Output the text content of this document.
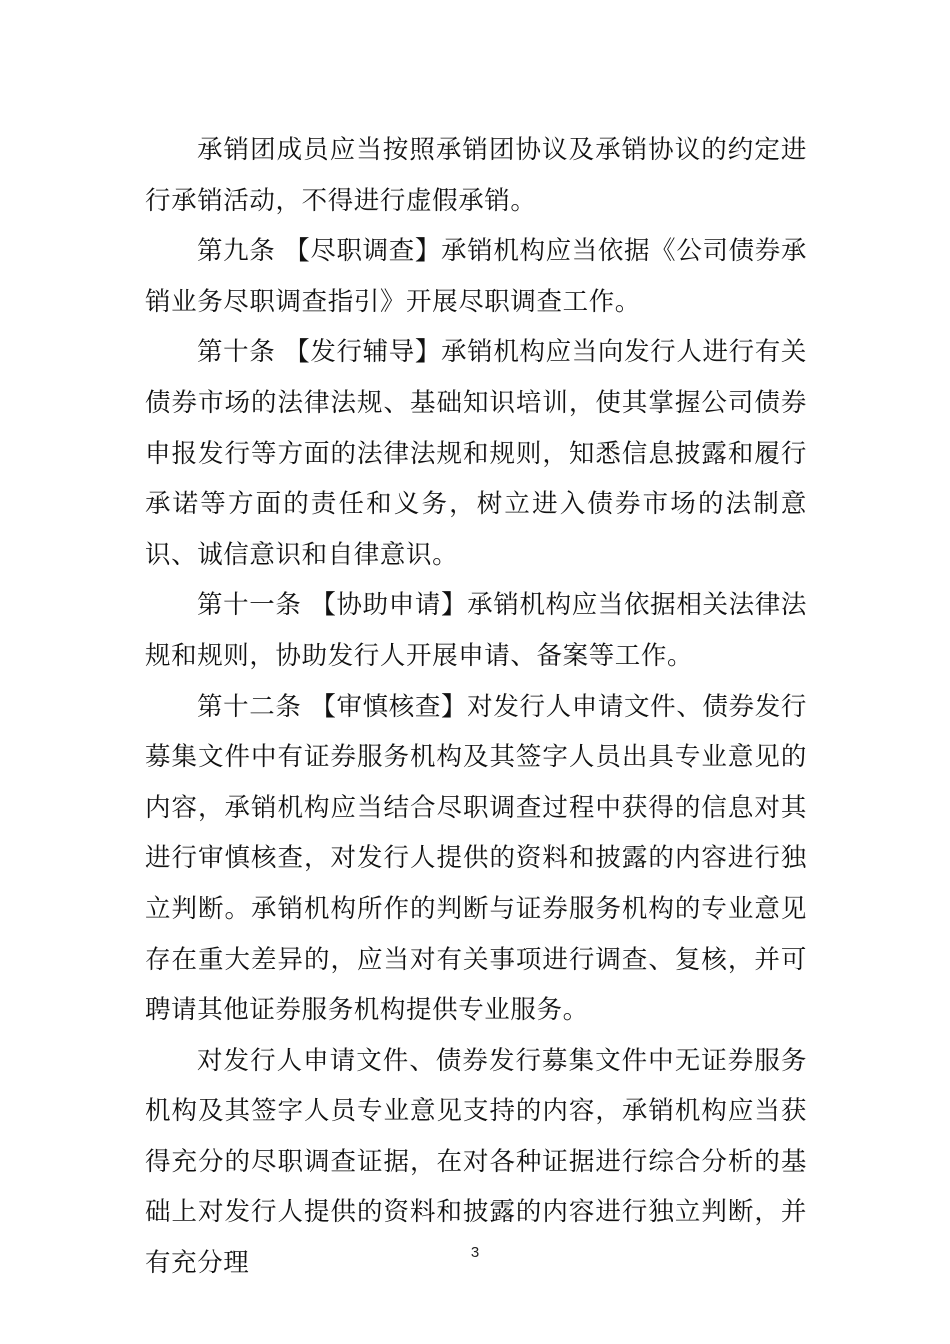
承销团成员应当按照承销团协议及承销协议的约定进行承销活动，不得进行虚假承销。

第九条 【尽职调查】承销机构应当依据《公司债券承销业务尽职调查指引》开展尽职调查工作。

第十条 【发行辅导】承销机构应当向发行人进行有关债券市场的法律法规、基础知识培训，使其掌握公司债券申报发行等方面的法律法规和规则，知悉信息披露和履行承诺等方面的责任和义务，树立进入债券市场的法制意识、诚信意识和自律意识。

第十一条 【协助申请】承销机构应当依据相关法律法规和规则，协助发行人开展申请、备案等工作。

第十二条 【审慎核查】对发行人申请文件、债券发行募集文件中有证券服务机构及其签字人员出具专业意见的内容，承销机构应当结合尽职调查过程中获得的信息对其进行审慎核查，对发行人提供的资料和披露的内容进行独立判断。承销机构所作的判断与证券服务机构的专业意见存在重大差异的，应当对有关事项进行调查、复核，并可聘请其他证券服务机构提供专业服务。

对发行人申请文件、债券发行募集文件中无证券服务机构及其签字人员专业意见支持的内容，承销机构应当获得充分的尽职调查证据，在对各种证据进行综合分析的基础上对发行人提供的资料和披露的内容进行独立判断，并有充分理	3
